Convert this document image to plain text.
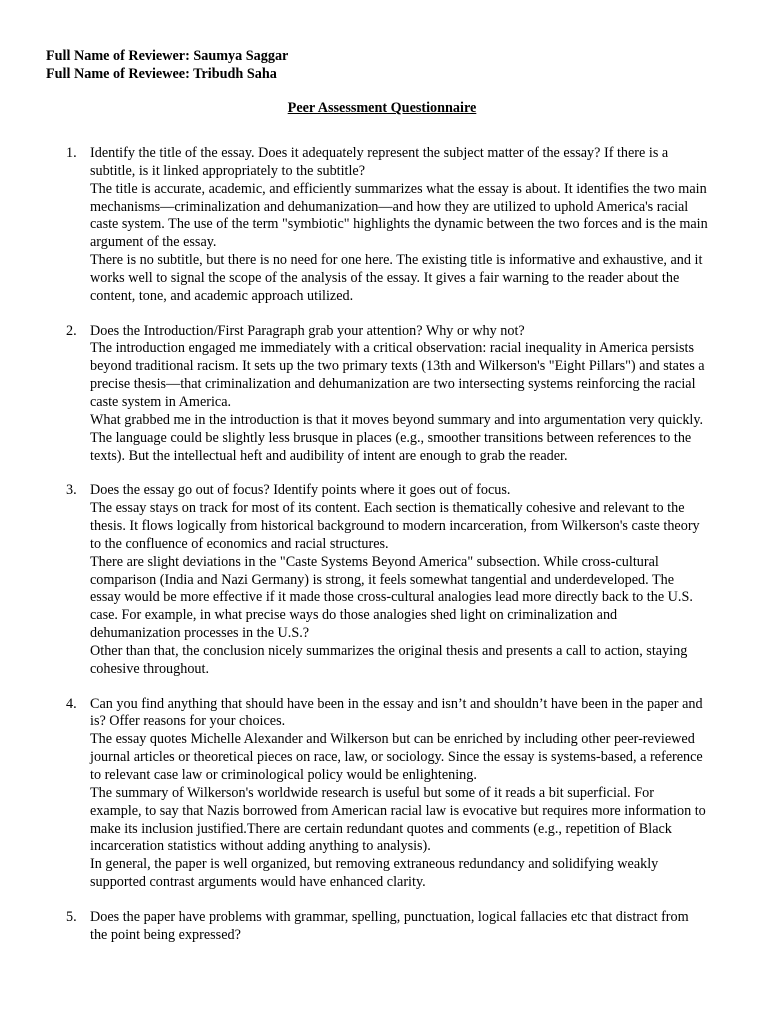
Full Name of Reviewer: Saumya Saggar

Full Name of Reviewee: Tribudh Saha

Peer Assessment Questionnaire

1. Identify the title of the essay. Does it adequately represent the subject matter of the essay? If there is a subtitle, is it linked appropriately to the subtitle?
The title is accurate, academic, and efficiently summarizes what the essay is about. It identifies the two main mechanisms—criminalization and dehumanization—and how they are utilized to uphold America's racial caste system. The use of the term "symbiotic" highlights the dynamic between the two forces and is the main argument of the essay.
There is no subtitle, but there is no need for one here. The existing title is informative and exhaustive, and it works well to signal the scope of the analysis of the essay. It gives a fair warning to the reader about the content, tone, and academic approach utilized.
2. Does the Introduction/First Paragraph grab your attention? Why or why not?
The introduction engaged me immediately with a critical observation: racial inequality in America persists beyond traditional racism. It sets up the two primary texts (13th and Wilkerson's "Eight Pillars") and states a precise thesis—that criminalization and dehumanization are two intersecting systems reinforcing the racial caste system in America.
What grabbed me in the introduction is that it moves beyond summary and into argumentation very quickly. The language could be slightly less brusque in places (e.g., smoother transitions between references to the texts). But the intellectual heft and audibility of intent are enough to grab the reader.
3. Does the essay go out of focus? Identify points where it goes out of focus.
The essay stays on track for most of its content. Each section is thematically cohesive and relevant to the thesis. It flows logically from historical background to modern incarceration, from Wilkerson's caste theory to the confluence of economics and racial structures.
There are slight deviations in the "Caste Systems Beyond America" subsection. While cross-cultural comparison (India and Nazi Germany) is strong, it feels somewhat tangential and underdeveloped. The essay would be more effective if it made those cross-cultural analogies lead more directly back to the U.S. case. For example, in what precise ways do those analogies shed light on criminalization and dehumanization processes in the U.S.?
Other than that, the conclusion nicely summarizes the original thesis and presents a call to action, staying cohesive throughout.
4. Can you find anything that should have been in the essay and isn’t and shouldn’t have been in the paper and is? Offer reasons for your choices.
The essay quotes Michelle Alexander and Wilkerson but can be enriched by including other peer-reviewed journal articles or theoretical pieces on race, law, or sociology. Since the essay is systems-based, a reference to relevant case law or criminological policy would be enlightening.
The summary of Wilkerson's worldwide research is useful but some of it reads a bit superficial. For example, to say that Nazis borrowed from American racial law is evocative but requires more information to make its inclusion justified.There are certain redundant quotes and comments (e.g., repetition of Black incarceration statistics without adding anything to analysis).
In general, the paper is well organized, but removing extraneous redundancy and solidifying weakly supported contrast arguments would have enhanced clarity.
5. Does the paper have problems with grammar, spelling, punctuation, logical fallacies etc that distract from the point being expressed?
